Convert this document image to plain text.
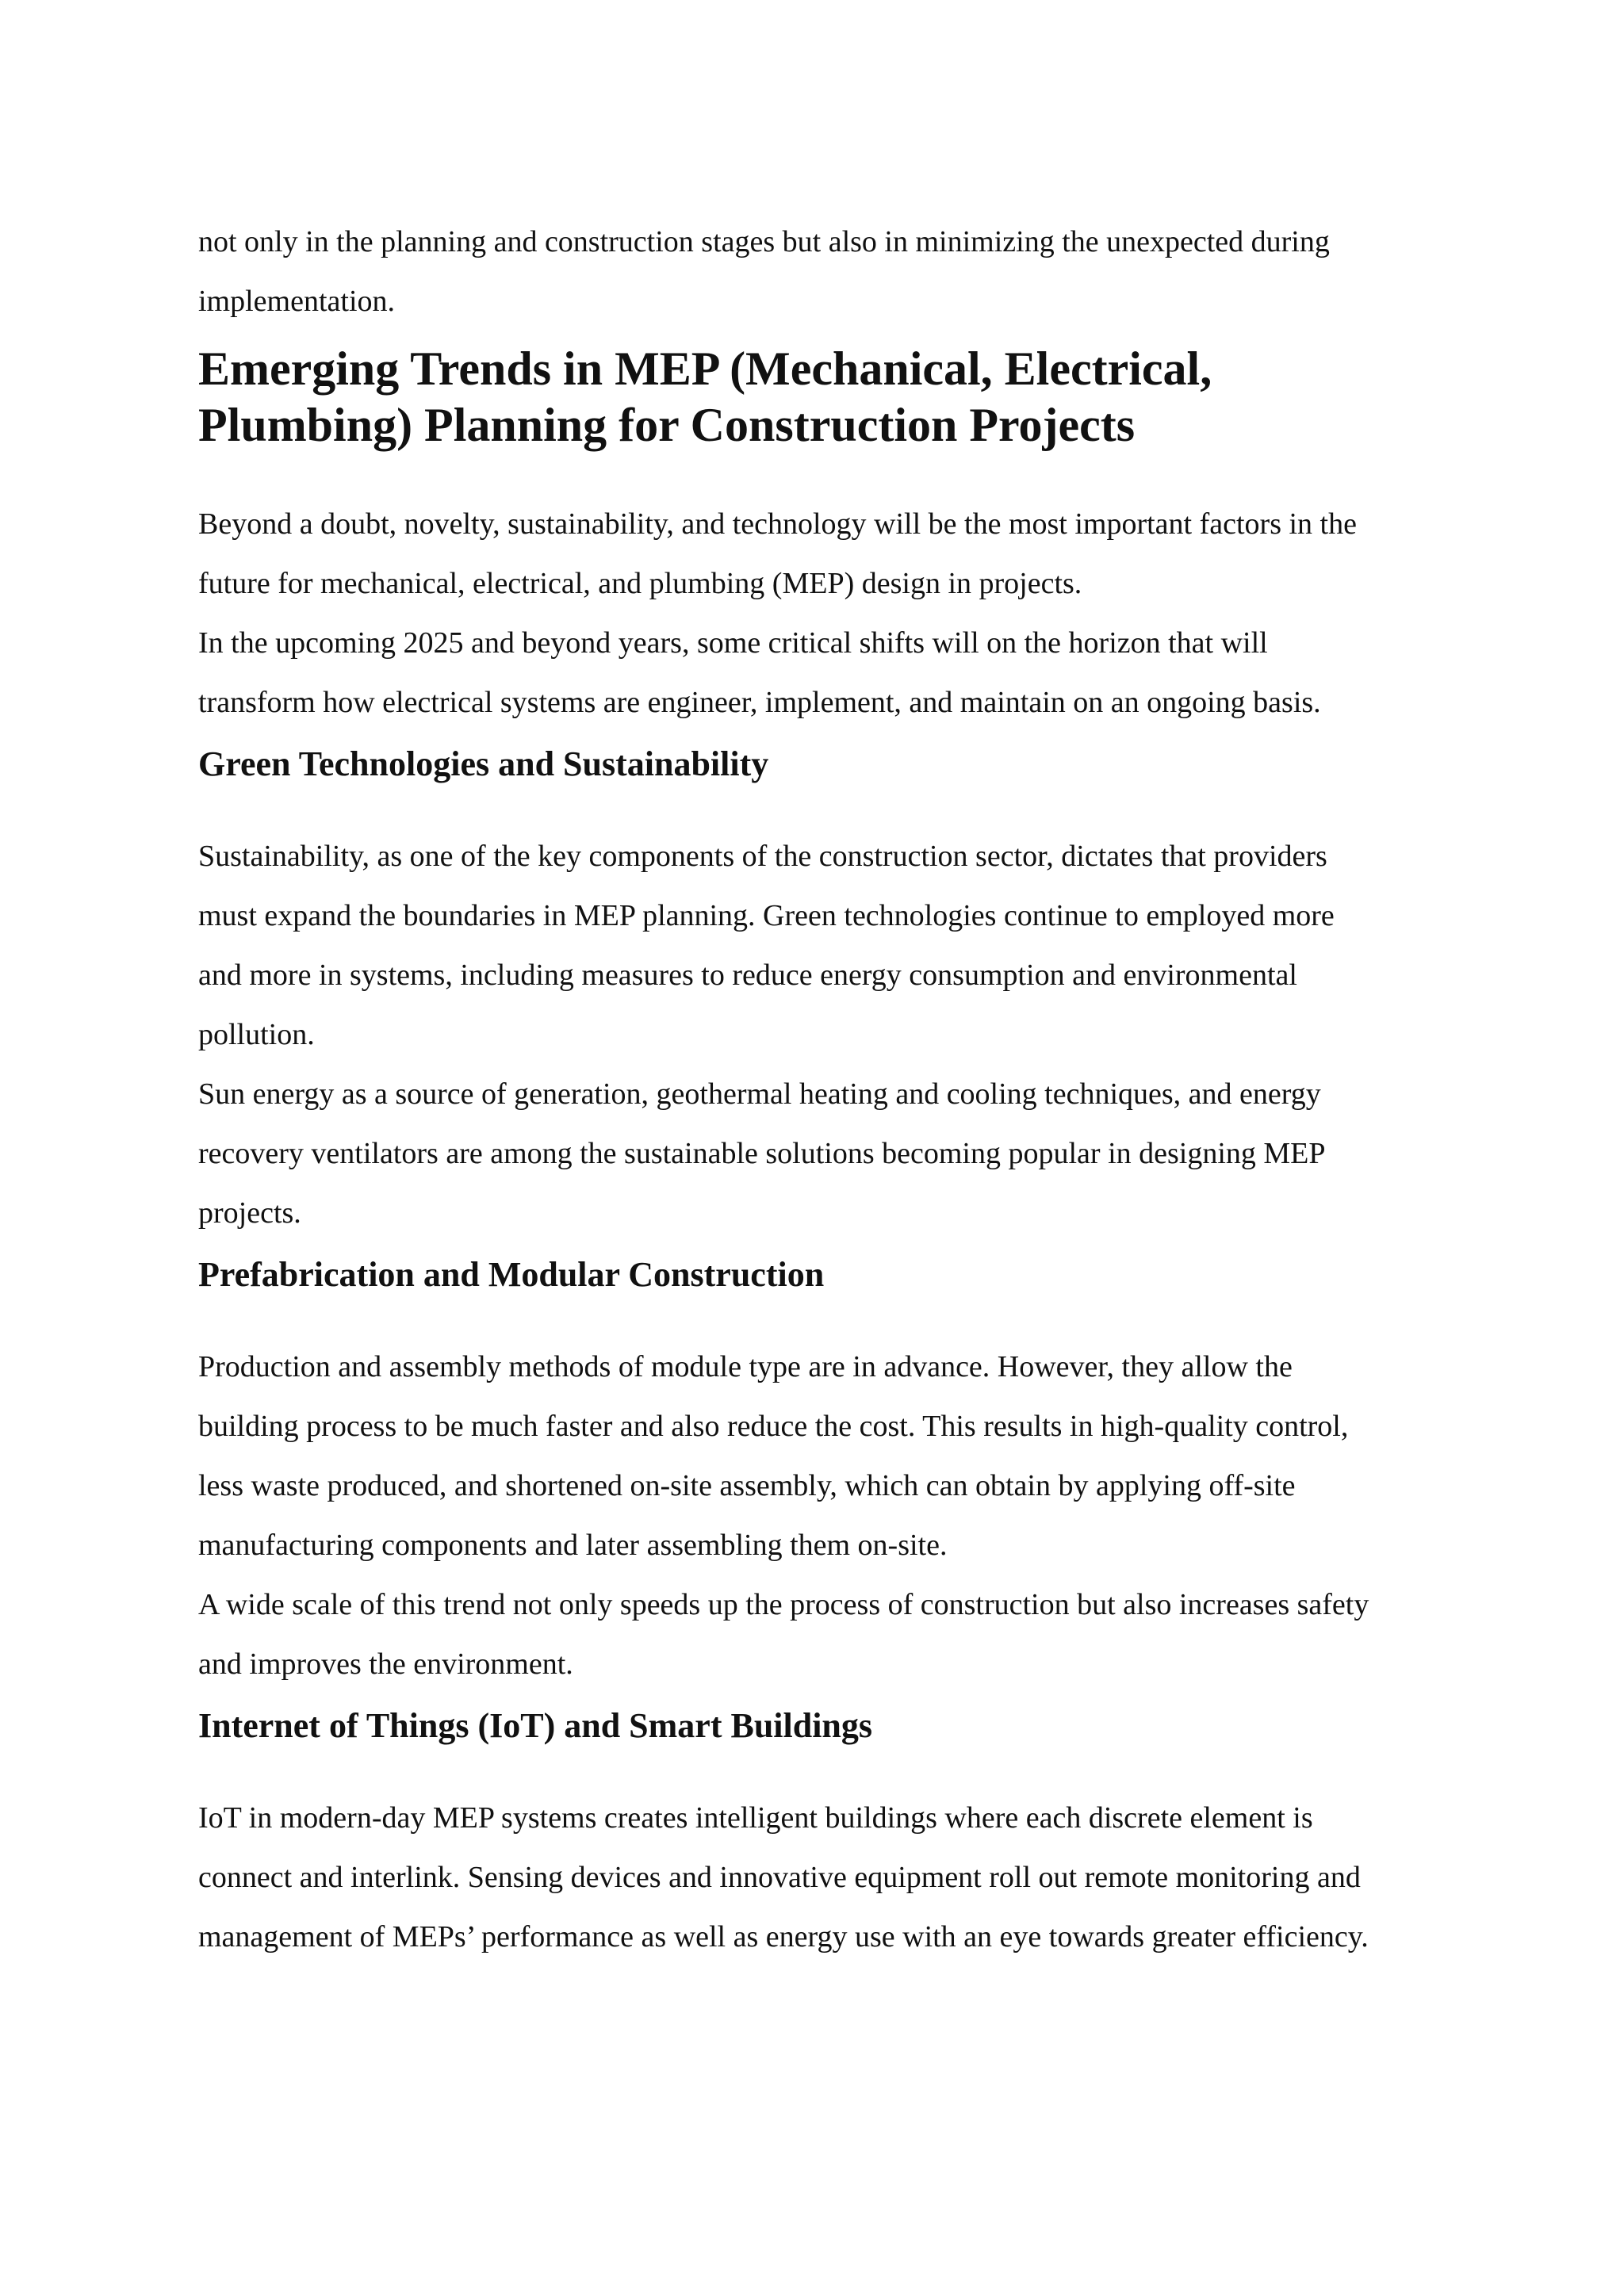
not only in the planning and construction stages but also in minimizing the unexpected during
implementation.

Emerging Trends in MEP (Mechanical, Electrical,
Plumbing) Planning for Construction Projects

Beyond a doubt, novelty, sustainability, and technology will be the most important factors in the
future for mechanical, electrical, and plumbing (MEP) design in projects.
In the upcoming 2025 and beyond years, some critical shifts will on the horizon that will
transform how electrical systems are engineer, implement, and maintain on an ongoing basis.

Green Technologies and Sustainability

Sustainability, as one of the key components of the construction sector, dictates that providers
must expand the boundaries in MEP planning. Green technologies continue to employed more
and more in systems, including measures to reduce energy consumption and environmental
pollution.
Sun energy as a source of generation, geothermal heating and cooling techniques, and energy
recovery ventilators are among the sustainable solutions becoming popular in designing MEP
projects.

Prefabrication and Modular Construction

Production and assembly methods of module type are in advance. However, they allow the
building process to be much faster and also reduce the cost. This results in high-quality control,
less waste produced, and shortened on-site assembly, which can obtain by applying off-site
manufacturing components and later assembling them on-site.
A wide scale of this trend not only speeds up the process of construction but also increases safety
and improves the environment.

Internet of Things (IoT) and Smart Buildings

IoT in modern-day MEP systems creates intelligent buildings where each discrete element is
connect and interlink. Sensing devices and innovative equipment roll out remote monitoring and
management of MEPs’ performance as well as energy use with an eye towards greater efficiency.
